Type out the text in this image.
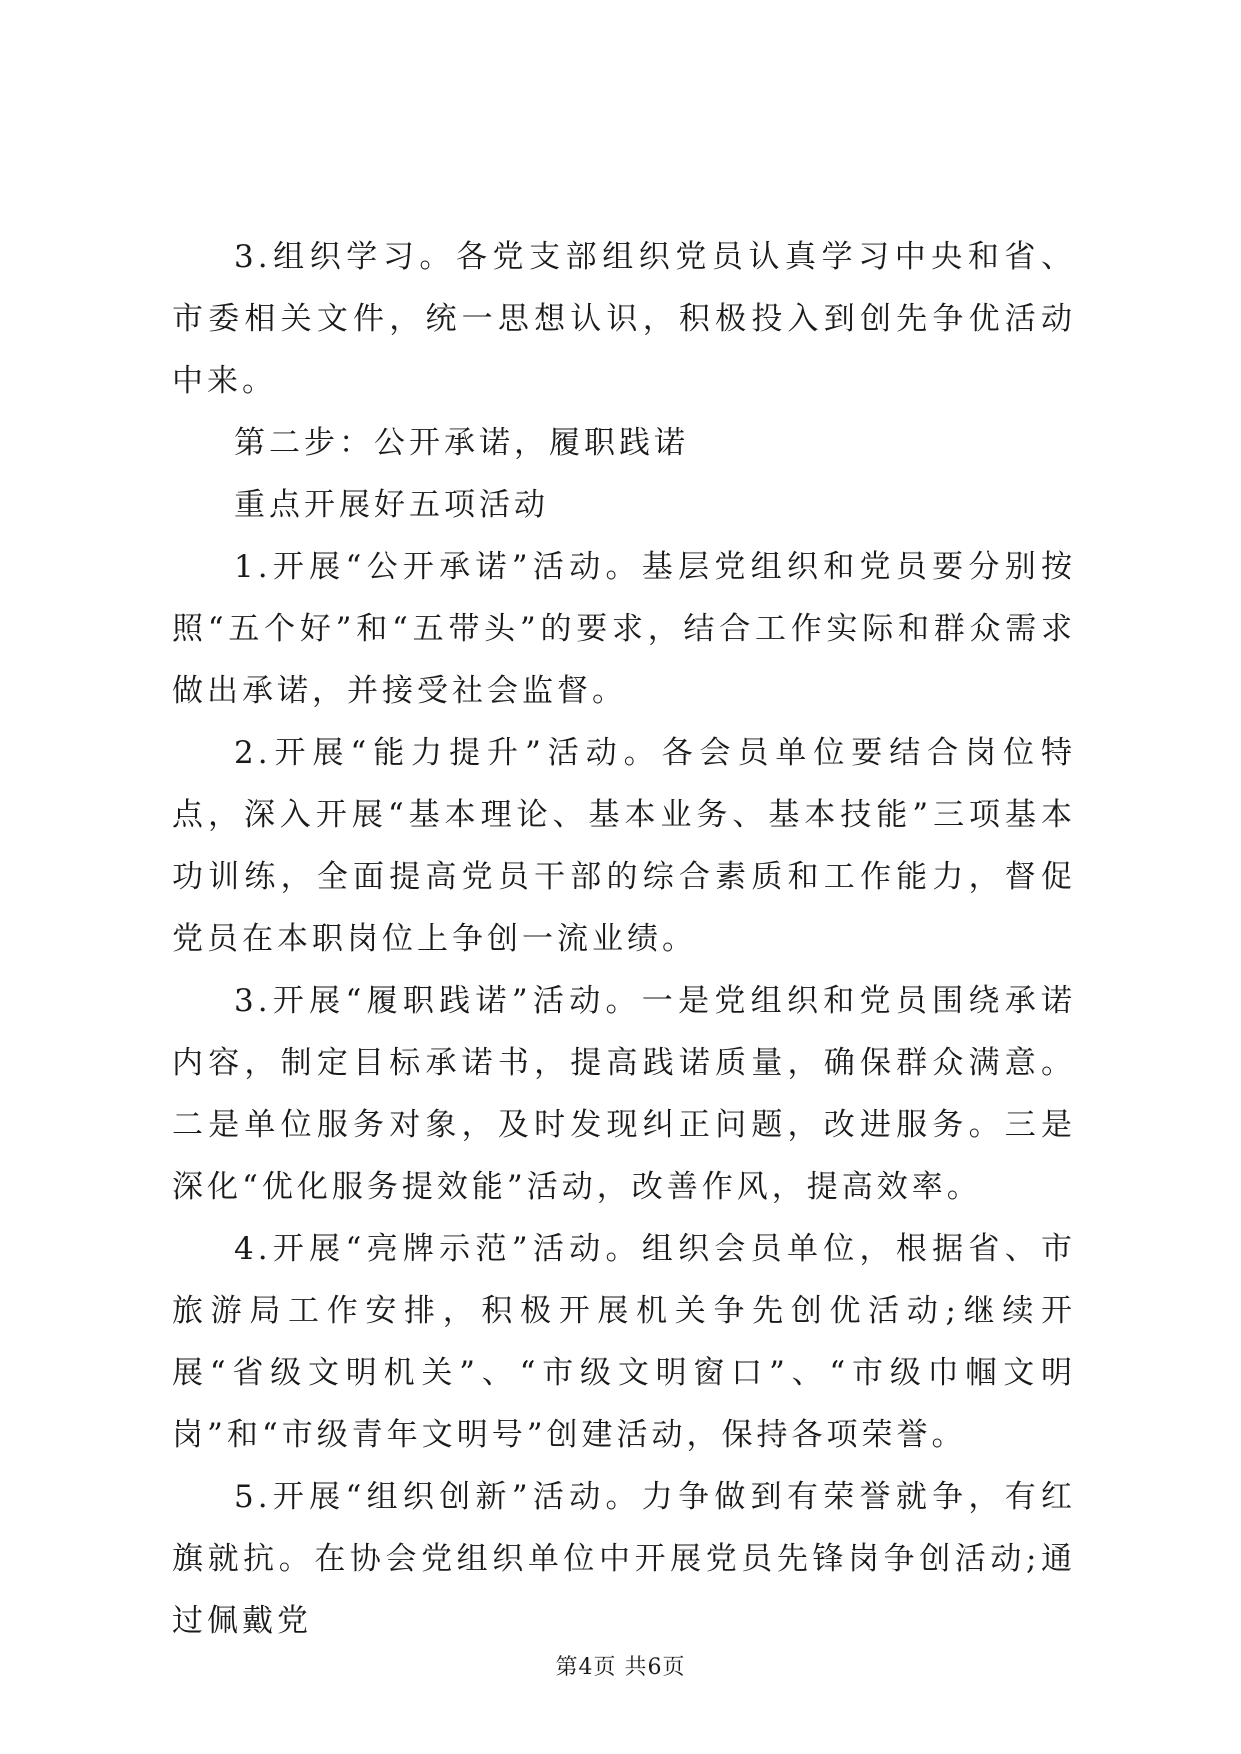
3.组织学习。各党支部组织党员认真学习中央和省、市委相关文件，统一思想认识，积极投入到创先争优活动中来。

第二步：公开承诺，履职践诺

重点开展好五项活动

1.开展“公开承诺”活动。基层党组织和党员要分别按照“五个好”和“五带头”的要求，结合工作实际和群众需求做出承诺，并接受社会监督。

2.开展“能力提升”活动。各会员单位要结合岗位特点，深入开展“基本理论、基本业务、基本技能”三项基本功训练，全面提高党员干部的综合素质和工作能力，督促党员在本职岗位上争创一流业绩。

3.开展“履职践诺”活动。一是党组织和党员围绕承诺内容，制定目标承诺书，提高践诺质量，确保群众满意。二是单位服务对象，及时发现纠正问题，改进服务。三是深化“优化服务提效能”活动，改善作风，提高效率。

4.开展“亮牌示范”活动。组织会员单位，根据省、市旅游局工作安排，积极开展机关争先创优活动;继续开展“省级文明机关”、“市级文明窗口”、“市级巾帼文明岗”和“市级青年文明号”创建活动，保持各项荣誉。

5.开展“组织创新”活动。力争做到有荣誉就争，有红旗就抗。在协会党组织单位中开展党员先锋岗争创活动;通过佩戴党

第4页 共6页
